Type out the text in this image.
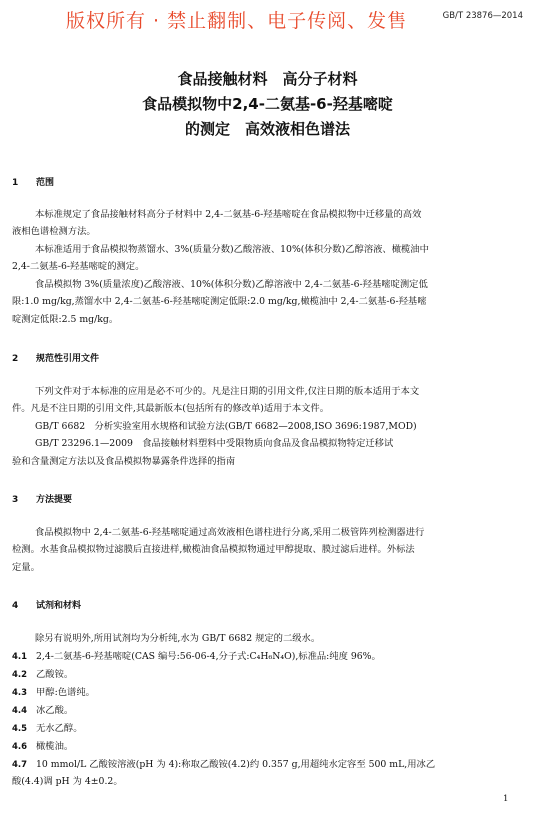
版权所有 · 禁止翻制、电子传阅、发售	GB/T 23876—2014
食品接触材料　高分子材料
食品模拟物中2,4-二氨基-6-羟基嘧啶
的测定　高效液相色谱法
1 范围
本标准规定了食品接触材料高分子材料中 2,4-二氨基-6-羟基嘧啶在食品模拟物中迁移量的高效
液相色谱检测方法。
本标准适用于食品模拟物蒸馏水、3%(质量分数)乙酸溶液、10%(体积分数)乙醇溶液、橄榄油中
2,4-二氨基-6-羟基嘧啶的测定。
食品模拟物 3%(质量浓度)乙酸溶液、10%(体积分数)乙醇溶液中 2,4-二氨基-6-羟基嘧啶测定低
限:1.0 mg/kg,蒸馏水中 2,4-二氨基-6-羟基嘧啶测定低限:2.0 mg/kg,橄榄油中 2,4-二氨基-6-羟基嘧
啶测定低限:2.5 mg/kg。
2 规范性引用文件
下列文件对于本标准的应用是必不可少的。凡是注日期的引用文件,仅注日期的版本适用于本文
件。凡是不注日期的引用文件,其最新版本(包括所有的修改单)适用于本文件。
GB/T 6682　分析实验室用水规格和试验方法(GB/T 6682—2008,ISO 3696:1987,MOD)
GB/T 23296.1—2009　食品接触材料塑料中受限物质向食品及食品模拟物特定迁移试
验和含量测定方法以及食品模拟物暴露条件选择的指南
3 方法提要
食品模拟物中 2,4-二氨基-6-羟基嘧啶通过高效液相色谱柱进行分离,采用二极管阵列检测器进行
检测。水基食品模拟物过滤膜后直接进样,橄榄油食品模拟物通过甲醇提取、膜过滤后进样。外标法
定量。
4 试剂和材料
除另有说明外,所用试剂均为分析纯,水为 GB/T 6682 规定的二级水。
4.1 2,4-二氨基-6-羟基嘧啶(CAS 编号:56-06-4,分子式:C₄H₆N₄O),标准品:纯度 96%。
4.2 乙酸铵。
4.3 甲醇:色谱纯。
4.4 冰乙酸。
4.5 无水乙醇。
4.6 橄榄油。
4.7 10 mmol/L 乙酸铵溶液(pH 为 4):称取乙酸铵(4.2)约 0.357 g,用超纯水定容至 500 mL,用冰乙
酸(4.4)调 pH 为 4±0.2。
1
